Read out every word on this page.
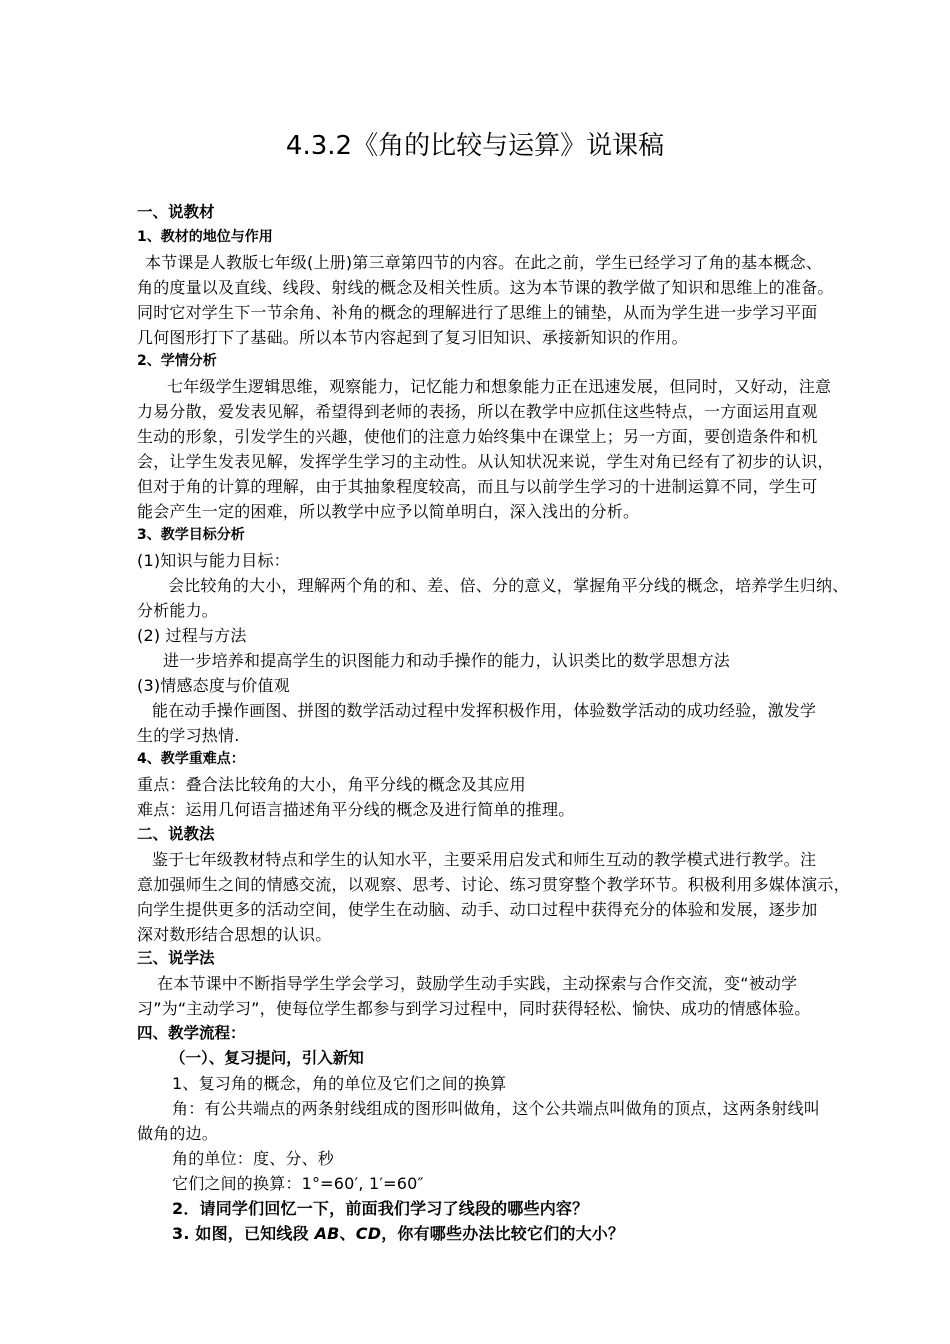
4.3.2《角的比较与运算》说课稿
一、说教材
1、教材的地位与作用
本节课是人教版七年级(上册)第三章第四节的内容。在此之前，学生已经学习了角的基本概念、
角的度量以及直线、线段、射线的概念及相关性质。这为本节课的教学做了知识和思维上的准备。
同时它对学生下一节余角、补角的概念的理解进行了思维上的铺垫，从而为学生进一步学习平面
几何图形打下了基础。所以本节内容起到了复习旧知识、承接新知识的作用。
2、学情分析
七年级学生逻辑思维，观察能力，记忆能力和想象能力正在迅速发展，但同时，又好动，注意
力易分散，爱发表见解，希望得到老师的表扬，所以在教学中应抓住这些特点，一方面运用直观
生动的形象，引发学生的兴趣，使他们的注意力始终集中在课堂上；另一方面，要创造条件和机
会，让学生发表见解，发挥学生学习的主动性。从认知状况来说，学生对角已经有了初步的认识，
但对于角的计算的理解，由于其抽象程度较高，而且与以前学生学习的十进制运算不同，学生可
能会产生一定的困难，所以教学中应予以简单明白，深入浅出的分析。
3、教学目标分析
(1)知识与能力目标：
会比较角的大小，理解两个角的和、差、倍、分的意义，掌握角平分线的概念，培养学生归纳、
分析能力。
(2) 过程与方法
进一步培养和提高学生的识图能力和动手操作的能力，认识类比的数学思想方法
(3)情感态度与价值观
能在动手操作画图、拼图的数学活动过程中发挥积极作用，体验数学活动的成功经验，激发学
生的学习热情.
4、教学重难点：
重点：叠合法比较角的大小，角平分线的概念及其应用
难点：运用几何语言描述角平分线的概念及进行简单的推理。
二、说教法
鉴于七年级教材特点和学生的认知水平，主要采用启发式和师生互动的教学模式进行教学。注
意加强师生之间的情感交流，以观察、思考、讨论、练习贯穿整个教学环节。积极利用多媒体演示，
向学生提供更多的活动空间，使学生在动脑、动手、动口过程中获得充分的体验和发展，逐步加
深对数形结合思想的认识。
三、说学法
在本节课中不断指导学生学会学习，鼓励学生动手实践，主动探索与合作交流，变“被动学
习”为“主动学习”，使每位学生都参与到学习过程中，同时获得轻松、愉快、成功的情感体验。
四、教学流程：
（一）、复习提问，引入新知
1、复习角的概念，角的单位及它们之间的换算
角：有公共端点的两条射线组成的图形叫做角，这个公共端点叫做角的顶点，这两条射线叫
做角的边。
角的单位：度、分、秒
它们之间的换算：1°=60′, 1′=60″
2．请同学们回忆一下，前面我们学习了线段的哪些内容？
3. 如图，已知线段 AB、CD，你有哪些办法比较它们的大小？
